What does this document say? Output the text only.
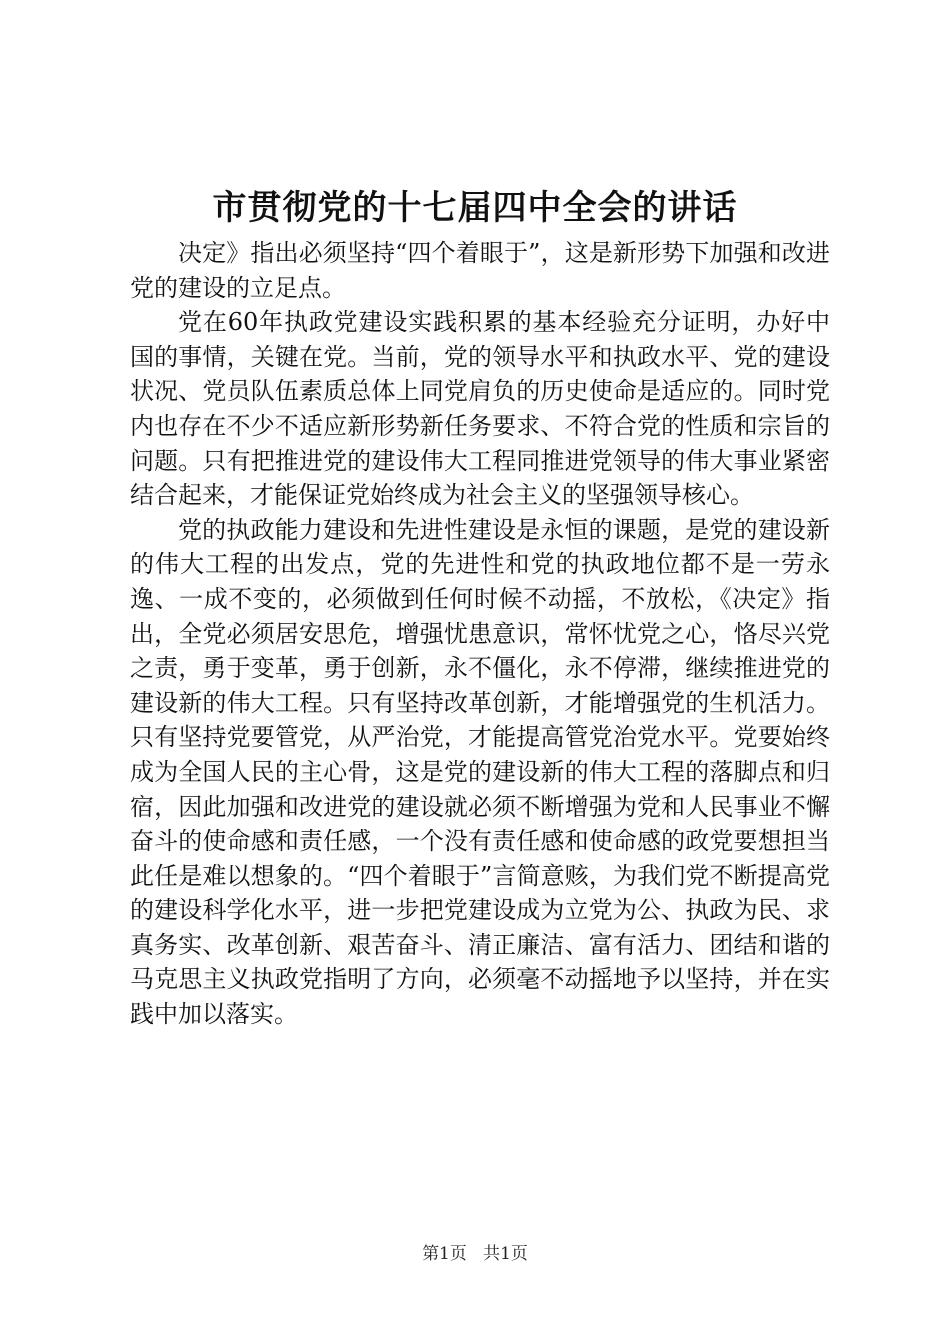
市贯彻党的十七届四中全会的讲话

决定》指出必须坚持“四个着眼于”，这是新形势下加强和改进党的建设的立足点。

党在60年执政党建设实践积累的基本经验充分证明，办好中国的事情，关键在党。当前，党的领导水平和执政水平、党的建设状况、党员队伍素质总体上同党肩负的历史使命是适应的。同时党内也存在不少不适应新形势新任务要求、不符合党的性质和宗旨的问题。只有把推进党的建设伟大工程同推进党领导的伟大事业紧密结合起来，才能保证党始终成为社会主义的坚强领导核心。

党的执政能力建设和先进性建设是永恒的课题，是党的建设新的伟大工程的出发点，党的先进性和党的执政地位都不是一劳永逸、一成不变的，必须做到任何时候不动摇，不放松，《决定》指出，全党必须居安思危，增强忧患意识，常怀忧党之心，恪尽兴党之责，勇于变革，勇于创新，永不僵化，永不停滞，继续推进党的建设新的伟大工程。只有坚持改革创新，才能增强党的生机活力。只有坚持党要管党，从严治党，才能提高管党治党水平。党要始终成为全国人民的主心骨，这是党的建设新的伟大工程的落脚点和归宿，因此加强和改进党的建设就必须不断增强为党和人民事业不懈奋斗的使命感和责任感，一个没有责任感和使命感的政党要想担当此任是难以想象的。“四个着眼于”言简意赅，为我们党不断提高党的建设科学化水平，进一步把党建设成为立党为公、执政为民、求真务实、改革创新、艰苦奋斗、清正廉洁、富有活力、团结和谐的马克思主义执政党指明了方向，必须毫不动摇地予以坚持，并在实践中加以落实。

第1页 共1页
